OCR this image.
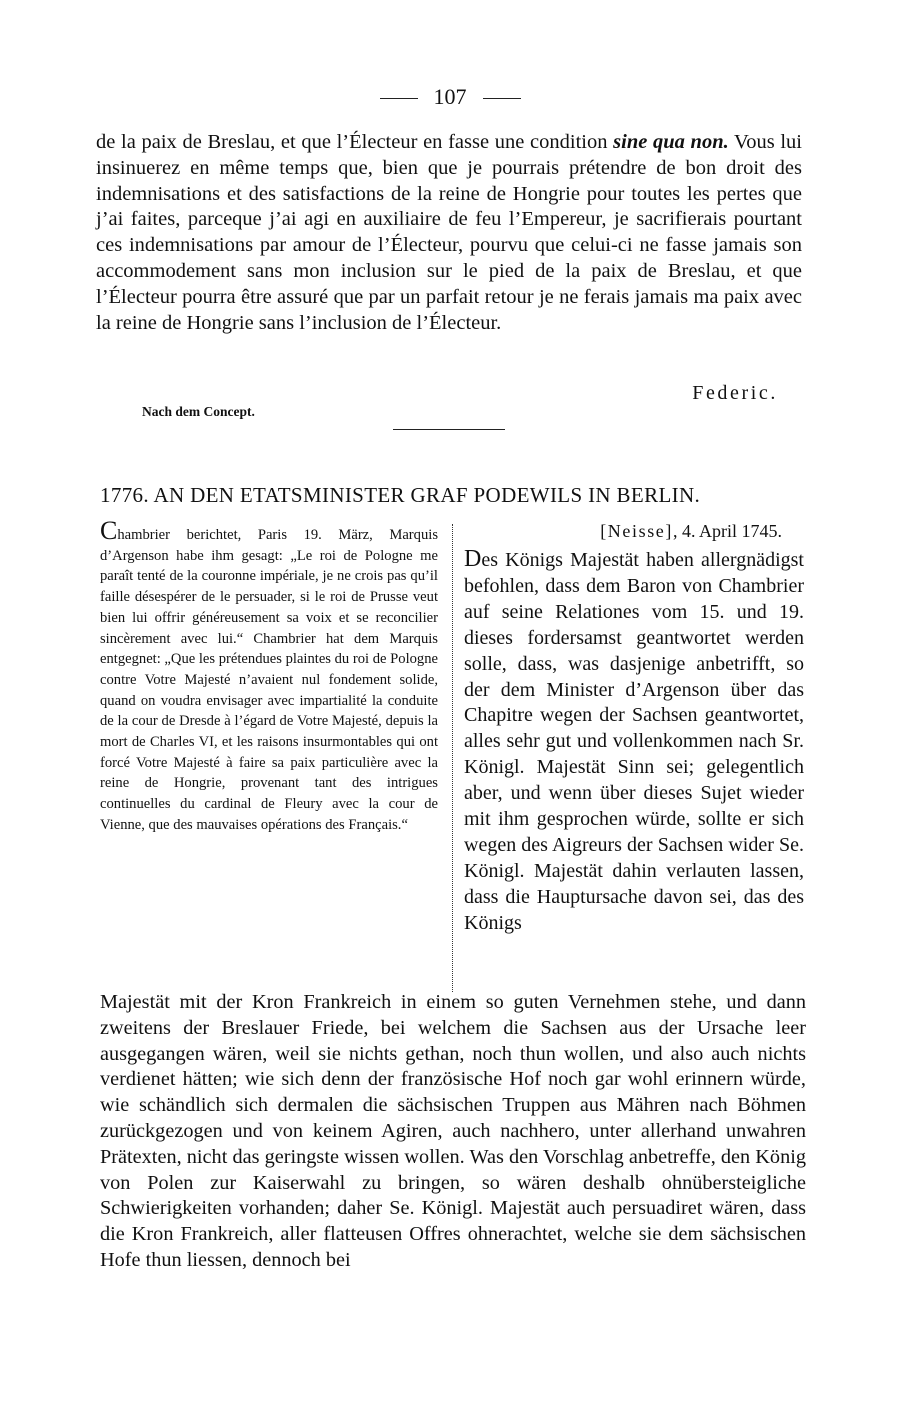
107

de la paix de Breslau, et que l’Électeur en fasse une condition sine qua non. Vous lui insinuerez en même temps que, bien que je pourrais prétendre de bon droit des indemnisations et des satisfactions de la reine de Hongrie pour toutes les pertes que j’ai faites, parceque j’ai agi en auxiliaire de feu l’Empereur, je sacrifierais pourtant ces indemnisations par amour de l’Électeur, pourvu que celui-ci ne fasse jamais son accommodement sans mon inclusion sur le pied de la paix de Breslau, et que l’Électeur pourra être assuré que par un parfait retour je ne ferais jamais ma paix avec la reine de Hongrie sans l’inclusion de l’Électeur.

Federic.
Nach dem Concept.
1776. AN DEN ETATSMINISTER GRAF PODEWILS IN BERLIN.

Chambrier berichtet, Paris 19. März, Marquis d’Argenson habe ihm gesagt: „Le roi de Pologne me paraît tenté de la couronne impériale, je ne crois pas qu’il faille désespérer de le persuader, si le roi de Prusse veut bien lui offrir généreusement sa voix et se reconcilier sincèrement avec lui.“ Chambrier hat dem Marquis entgegnet: „Que les prétendues plaintes du roi de Pologne contre Votre Majesté n’avaient nul fondement solide, quand on voudra envisager avec impartialité la conduite de la cour de Dresde à l’égard de Votre Majesté, depuis la mort de Charles VI, et les raisons insurmontables qui ont forcé Votre Majesté à faire sa paix particulière avec la reine de Hongrie, provenant tant des intrigues continuelles du cardinal de Fleury avec la cour de Vienne, que des mauvaises opérations des Français.“

[Neisse], 4. April 1745.

Des Königs Majestät haben allergnädigst befohlen, dass dem Baron von Chambrier auf seine Relationes vom 15. und 19. dieses fordersamst geantwortet werden solle, dass, was dasjenige anbetrifft, so der dem Minister d’Argenson über das Chapitre wegen der Sachsen geantwortet, alles sehr gut und vollenkommen nach Sr. Königl. Majestät Sinn sei; gelegentlich aber, und wenn über dieses Sujet wieder mit ihm gesprochen würde, sollte er sich wegen des Aigreurs der Sachsen wider Se. Königl. Majestät dahin verlauten lassen, dass die Hauptursache davon sei, das des Königs

Majestät mit der Kron Frankreich in einem so guten Vernehmen stehe, und dann zweitens der Breslauer Friede, bei welchem die Sachsen aus der Ursache leer ausgegangen wären, weil sie nichts gethan, noch thun wollen, und also auch nichts verdienet hätten; wie sich denn der französische Hof noch gar wohl erinnern würde, wie schändlich sich dermalen die sächsischen Truppen aus Mähren nach Böhmen zurückgezogen und von keinem Agiren, auch nachhero, unter allerhand unwahren Prätexten, nicht das geringste wissen wollen. Was den Vorschlag anbetreffe, den König von Polen zur Kaiserwahl zu bringen, so wären deshalb ohnübersteigliche Schwierigkeiten vorhanden; daher Se. Königl. Majestät auch persuadiret wären, dass die Kron Frankreich, aller flatteusen Offres ohnerachtet, welche sie dem sächsischen Hofe thun liessen, dennoch bei
